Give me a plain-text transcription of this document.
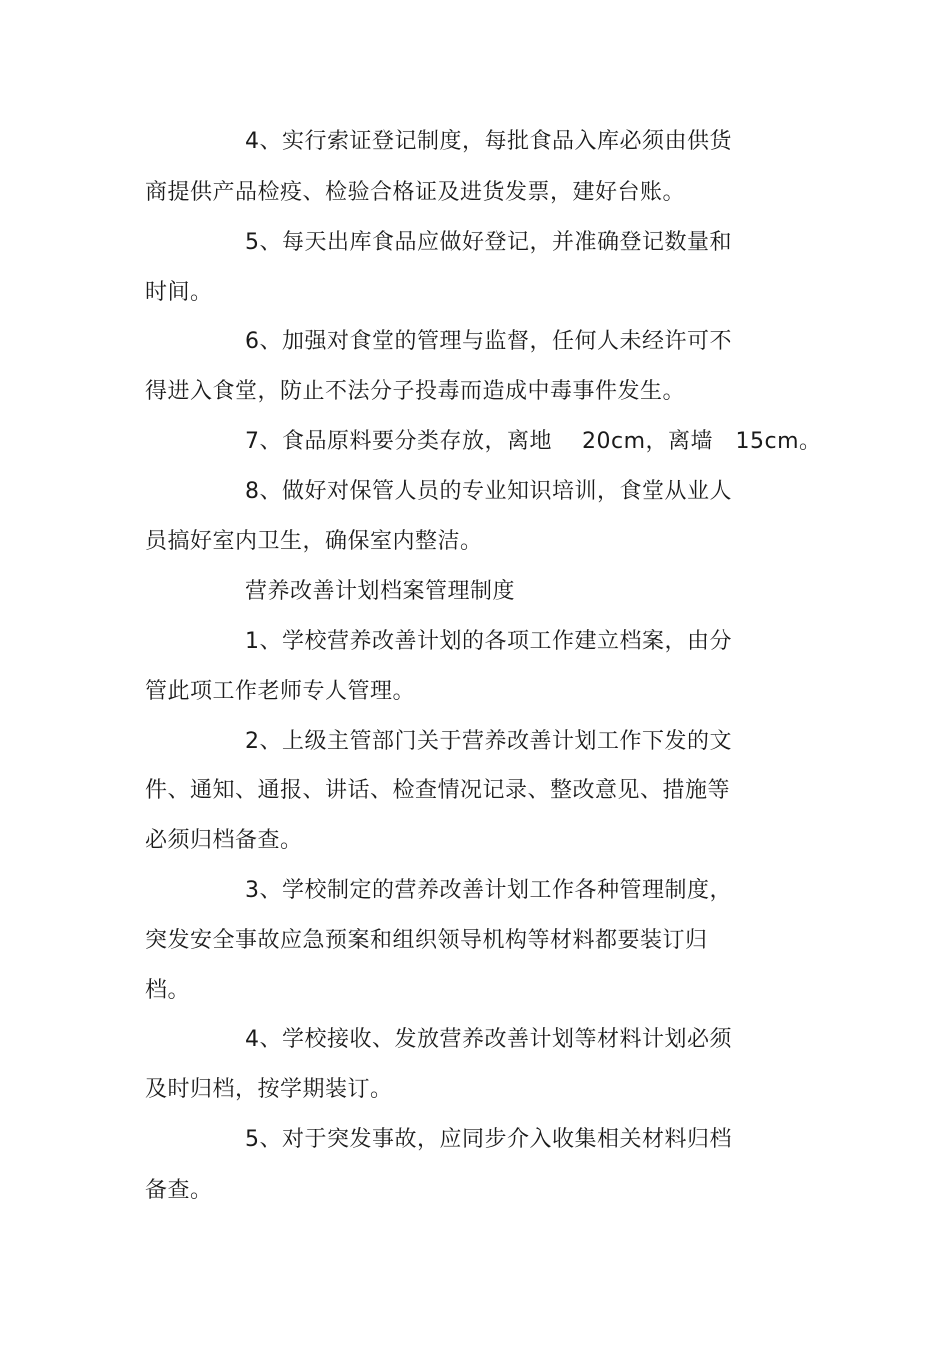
4、实行索证登记制度，每批食品入库必须由供货
商提供产品检疫、检验合格证及进货发票，建好台账。
5、每天出库食品应做好登记，并准确登记数量和
时间。
6、加强对食堂的管理与监督，任何人未经许可不
得进入食堂，防止不法分子投毒而造成中毒事件发生。
7、食品原料要分类存放，离地　 20cm，离墙　15cm。
8、做好对保管人员的专业知识培训，食堂从业人
员搞好室内卫生，确保室内整洁。
营养改善计划档案管理制度
1、学校营养改善计划的各项工作建立档案，由分
管此项工作老师专人管理。
2、上级主管部门关于营养改善计划工作下发的文
件、通知、通报、讲话、检查情况记录、整改意见、措施等
必须归档备查。
3、学校制定的营养改善计划工作各种管理制度，
突发安全事故应急预案和组织领导机构等材料都要装订归
档。
4、学校接收、发放营养改善计划等材料计划必须
及时归档，按学期装订。
5、对于突发事故，应同步介入收集相关材料归档
备查。
